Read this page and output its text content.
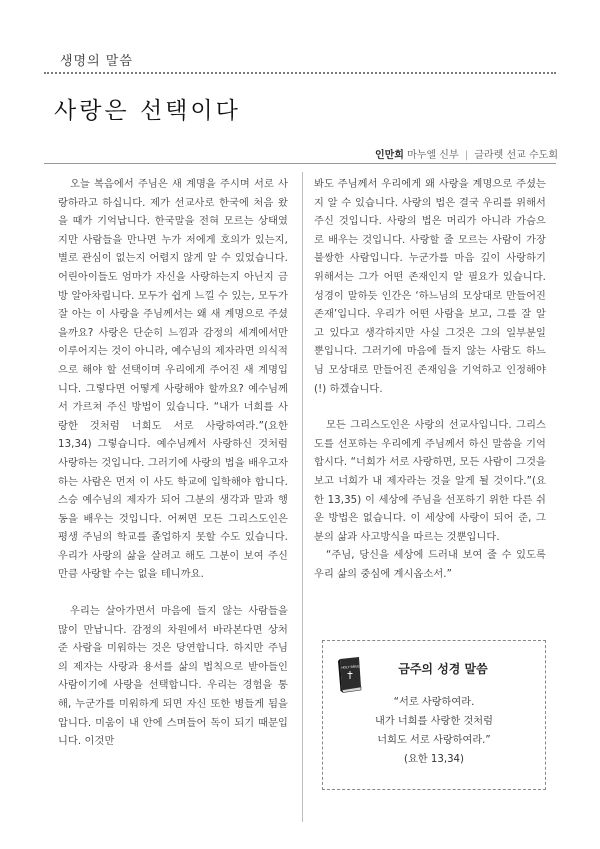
생명의 말씀
사랑은 선택이다
인만희 마누엘 신부 | 글라렛 선교 수도회

오늘 복음에서 주님은 새 계명을 주시며 서로 사랑하라고 하십니다. 제가 선교사로 한국에 처음 왔을 때가 기억납니다. 한국말을 전혀 모르는 상태였지만 사람들을 만나면 누가 저에게 호의가 있는지, 별로 관심이 없는지 어렵지 않게 알 수 있었습니다. 어린아이들도 엄마가 자신을 사랑하는지 아닌지 금방 알아차립니다. 모두가 쉽게 느낄 수 있는, 모두가 잘 아는 이 사랑을 주님께서는 왜 새 계명으로 주셨을까요? 사랑은 단순히 느낌과 감정의 세계에서만 이루어지는 것이 아니라, 예수님의 제자라면 의식적으로 해야 할 선택이며 우리에게 주어진 새 계명입니다. 그렇다면 어떻게 사랑해야 할까요? 예수님께서 가르쳐 주신 방법이 있습니다. “내가 너희를 사랑한 것처럼 너희도 서로 사랑하여라.”(요한 13,34) 그렇습니다. 예수님께서 사랑하신 것처럼 사랑하는 것입니다. 그러기에 사랑의 법을 배우고자 하는 사람은 먼저 이 사도 학교에 입학해야 합니다. 스승 예수님의 제자가 되어 그분의 생각과 말과 행동을 배우는 것입니다. 어쩌면 모든 그리스도인은 평생 주님의 학교를 졸업하지 못할 수도 있습니다. 우리가 사랑의 삶을 살려고 해도 그분이 보여 주신 만큼 사랑할 수는 없을 테니까요.

우리는 살아가면서 마음에 들지 않는 사람들을 많이 만납니다. 감정의 차원에서 바라본다면 상처 준 사람을 미워하는 것은 당연합니다. 하지만 주님의 제자는 사랑과 용서를 삶의 법칙으로 받아들인 사람이기에 사랑을 선택합니다. 우리는 경험을 통해, 누군가를 미워하게 되면 자신 또한 병들게 됨을 압니다. 미움이 내 안에 스며들어 독이 되기 때문입니다. 이것만

봐도 주님께서 우리에게 왜 사랑을 계명으로 주셨는지 알 수 있습니다. 사랑의 법은 결국 우리를 위해서 주신 것입니다. 사랑의 법은 머리가 아니라 가슴으로 배우는 것입니다. 사랑할 줄 모르는 사람이 가장 불쌍한 사람입니다. 누군가를 마음 깊이 사랑하기 위해서는 그가 어떤 존재인지 알 필요가 있습니다. 성경이 말하듯 인간은 ‘하느님의 모상대로 만들어진 존재’입니다. 우리가 어떤 사람을 보고, 그를 잘 알고 있다고 생각하지만 사실 그것은 그의 일부분일 뿐입니다. 그러기에 마음에 들지 않는 사람도 하느님 모상대로 만들어진 존재임을 기억하고 인정해야(!) 하겠습니다.

모든 그리스도인은 사랑의 선교사입니다. 그리스도를 선포하는 우리에게 주님께서 하신 말씀을 기억합시다. “너희가 서로 사랑하면, 모든 사람이 그것을 보고 너희가 내 제자라는 것을 알게 될 것이다.”(요한 13,35) 이 세상에 주님을 선포하기 위한 다른 쉬운 방법은 없습니다. 이 세상에 사랑이 되어 준, 그분의 삶과 사고방식을 따르는 것뿐입니다.

“주님, 당신을 세상에 드러내 보여 줄 수 있도록 우리 삶의 중심에 계시옵소서.”

HOLY BIBLE	금주의 성경 말씀
“서로 사랑하여라.
내가 너희를 사랑한 것처럼
너희도 서로 사랑하여라.”
(요한 13,34)
